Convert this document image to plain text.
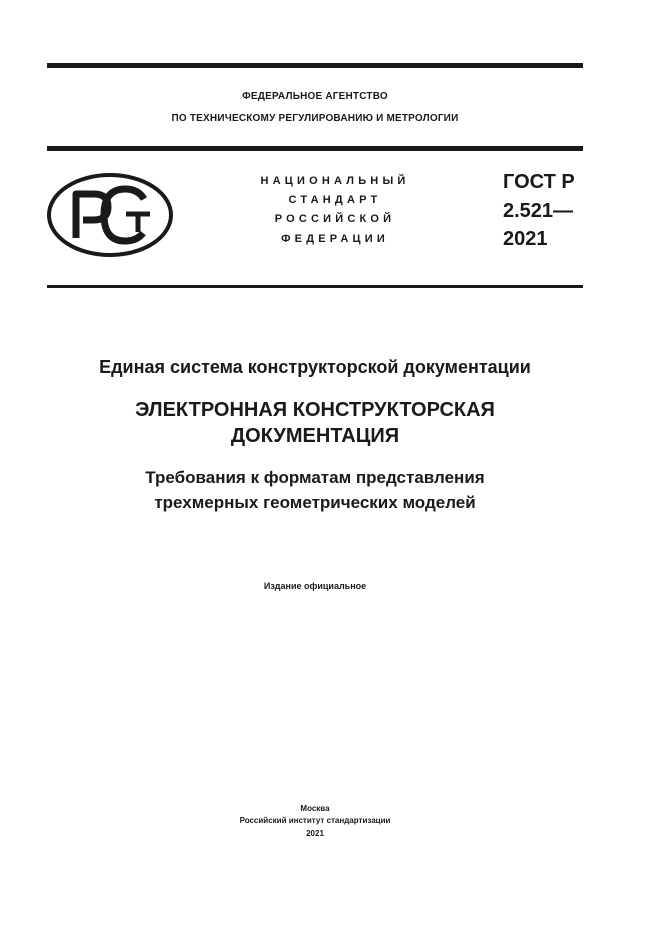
ФЕДЕРАЛЬНОЕ АГЕНТСТВО
ПО ТЕХНИЧЕСКОМУ РЕГУЛИРОВАНИЮ И МЕТРОЛОГИИ
НАЦИОНАЛЬНЫЙ
СТАНДАРТ
РОССИЙСКОЙ
ФЕДЕРАЦИИ
ГОСТ Р
2.521—
2021
Единая система конструкторской документации
ЭЛЕКТРОННАЯ КОНСТРУКТОРСКАЯ
ДОКУМЕНТАЦИЯ
Требования к форматам представления
трехмерных геометрических моделей
Издание официальное
Москва
Российский институт стандартизации
2021
